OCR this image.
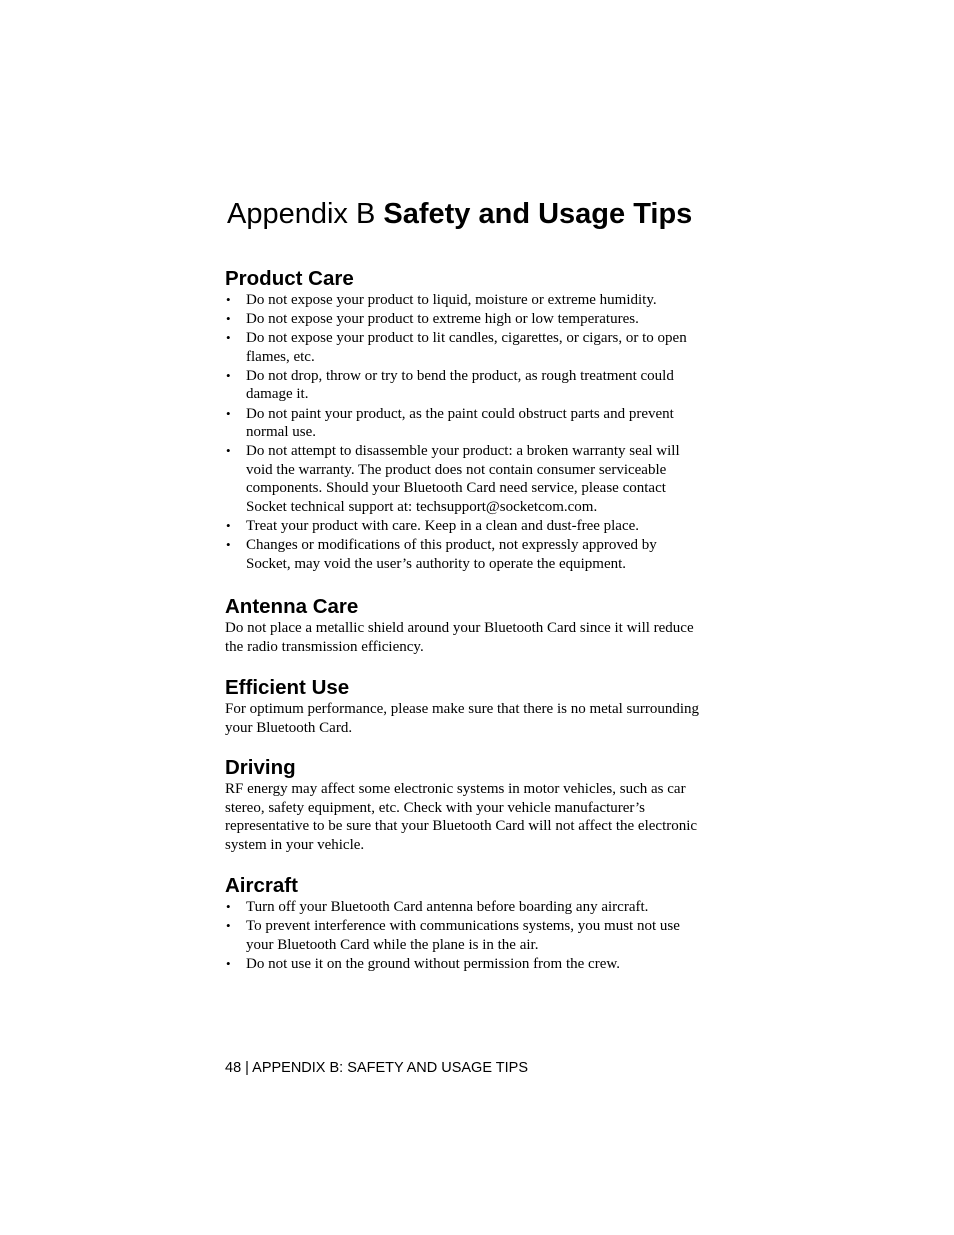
Appendix B Safety and Usage Tips
Product Care
• Do not expose your product to liquid, moisture or extreme humidity.
• Do not expose your product to extreme high or low temperatures.
• Do not expose your product to lit candles, cigarettes, or cigars, or to open flames, etc.
• Do not drop, throw or try to bend the product, as rough treatment could damage it.
• Do not paint your product, as the paint could obstruct parts and prevent normal use.
• Do not attempt to disassemble your product: a broken warranty seal will void the warranty. The product does not contain consumer serviceable components. Should your Bluetooth Card need service, please contact Socket technical support at: techsupport@socketcom.com.
• Treat your product with care. Keep in a clean and dust-free place.
• Changes or modifications of this product, not expressly approved by Socket, may void the user’s authority to operate the equipment.
Antenna Care

Do not place a metallic shield around your Bluetooth Card since it will reduce the radio transmission efficiency.

Efficient Use

For optimum performance, please make sure that there is no metal surrounding your Bluetooth Card.

Driving

RF energy may affect some electronic systems in motor vehicles, such as car stereo, safety equipment, etc. Check with your vehicle manufacturer’s representative to be sure that your Bluetooth Card will not affect the electronic system in your vehicle.

Aircraft
• Turn off your Bluetooth Card antenna before boarding any aircraft.
• To prevent interference with communications systems, you must not use your Bluetooth Card while the plane is in the air.
• Do not use it on the ground without permission from the crew.
48 | APPENDIX B: SAFETY AND USAGE TIPS
